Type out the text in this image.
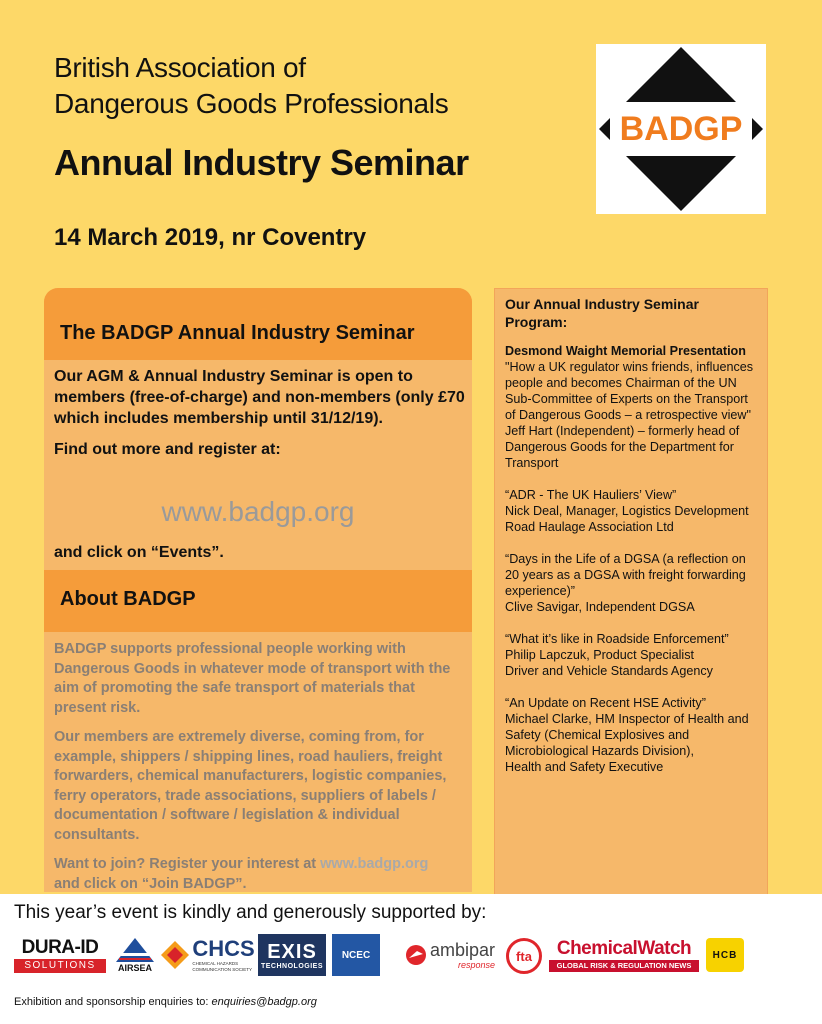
British Association of
Dangerous Goods Professionals
Annual Industry Seminar
14 March 2019, nr Coventry
BADGP
The BADGP Annual Industry Seminar

Our AGM & Annual Industry Seminar is open to members (free-of-charge) and non-members (only £70 which includes membership until 31/12/19).

Find out more and register at:

www.badgp.org
and click on “Events”.
About BADGP

BADGP supports professional people working with Dangerous Goods in whatever mode of transport with the aim of promoting the safe transport of materials that present risk.

Our members are extremely diverse, coming from, for example, shippers / shipping lines, road hauliers, freight forwarders, chemical manufacturers, logistic companies, ferry operators, trade associations, suppliers of labels / documentation / software / legislation & individual consultants.

Want to join? Register your interest at www.badgp.org
and click on “Join BADGP”.

Our Annual Industry Seminar Program:
Desmond Waight Memorial Presentation
"How a UK regulator wins friends, influences people and becomes Chairman of the UN Sub-Committee of Experts on the Transport of Dangerous Goods – a retrospective view"
Jeff Hart (Independent) – formerly head of Dangerous Goods for the Department for Transport
“ADR - The UK Hauliers’ View”
Nick Deal, Manager, Logistics Development
Road Haulage Association Ltd
“Days in the Life of a DGSA (a reflection on 20 years as a DGSA with freight forwarding experience)”
Clive Savigar, Independent DGSA
“What it’s like in Roadside Enforcement”
Philip Lapczuk, Product Specialist
Driver and Vehicle Standards Agency
“An Update on Recent HSE Activity”
Michael Clarke, HM Inspector of Health and Safety (Chemical Explosives and Microbiological Hazards Division),
Health and Safety Executive
This year’s event is kindly and generously supported by:
DURA-ID
SOLUTIONS	AIRSEA
CHCS
CHEMICAL HAZARDS COMMUNICATION SOCIETY
EXIS
TECHNOLOGIES
NCEC	ambipar
response
fta ChemicalWatch
GLOBAL RISK & REGULATION NEWS
HCB
Exhibition and sponsorship enquiries to: enquiries@badgp.org
